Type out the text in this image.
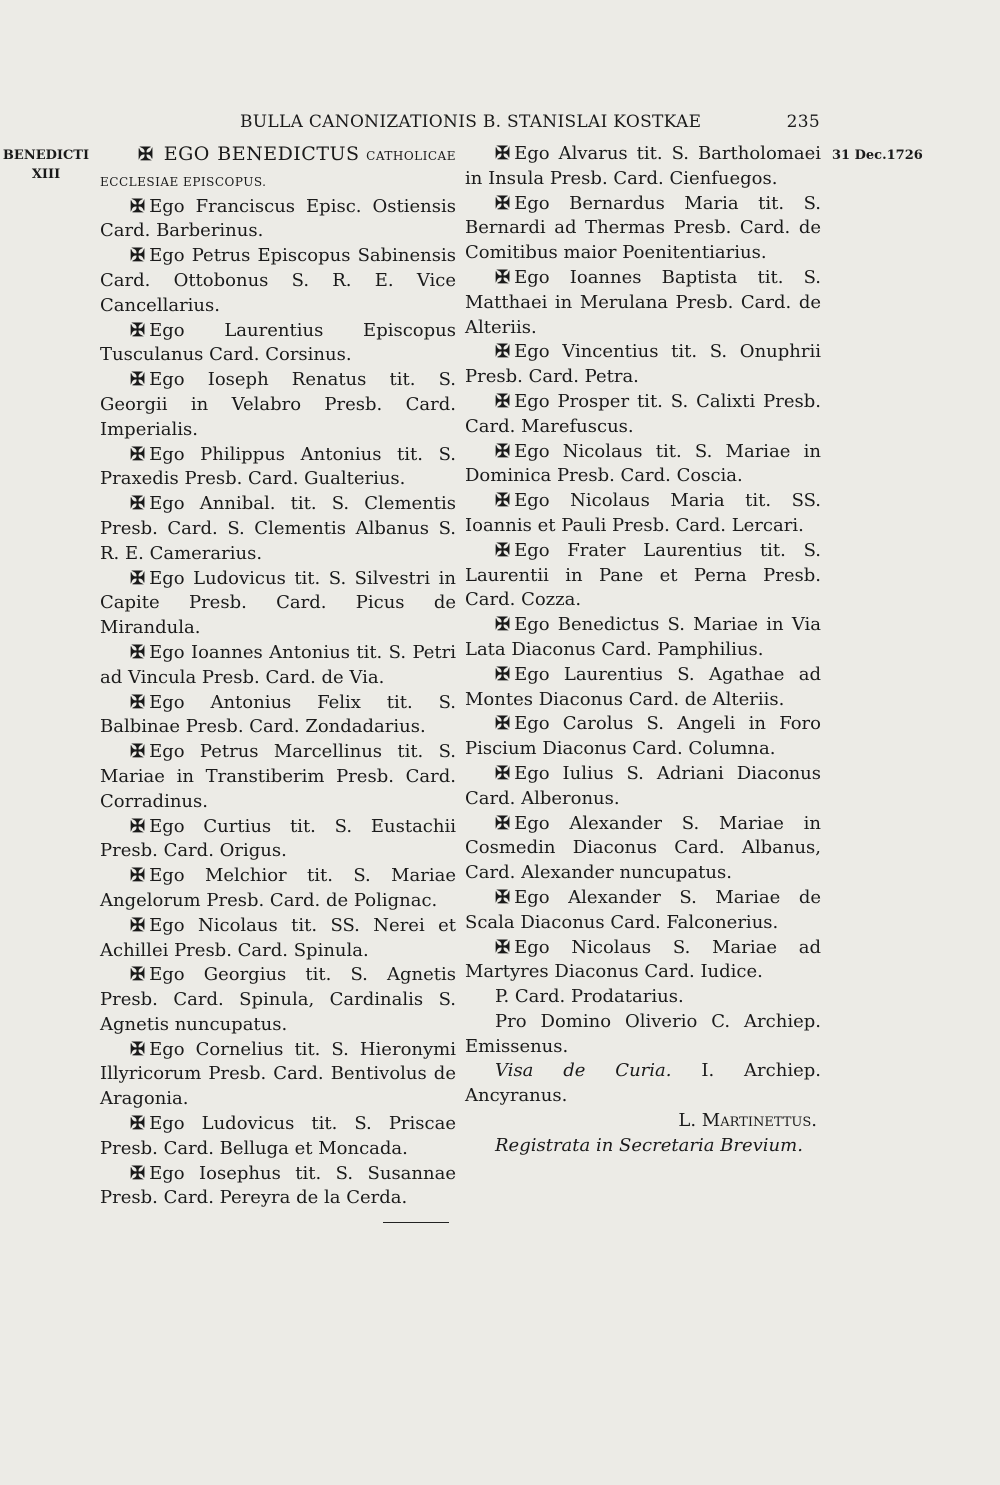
BULLA CANONIZATIONIS B. STANISLAI KOSTKAE	235
BENEDICTI
XIII
31 Dec.1726

✠ EGO BENEDICTUS CATHOLICAE ECCLESIAE EPISCOPUS.

✠ Ego Franciscus Episc. Ostiensis Card. Barberinus.

✠ Ego Petrus Episcopus Sabinensis Card. Ottobonus S. R. E. Vice Cancellarius.

✠ Ego Laurentius Episcopus Tusculanus Card. Corsinus.

✠ Ego Ioseph Renatus tit. S. Georgii in Velabro Presb. Card. Imperialis.

✠ Ego Philippus Antonius tit. S. Praxedis Presb. Card. Gualterius.

✠ Ego Annibal. tit. S. Clementis Presb. Card. S. Clementis Albanus S. R. E. Camerarius.

✠ Ego Ludovicus tit. S. Silvestri in Capite Presb. Card. Picus de Mirandula.

✠ Ego Ioannes Antonius tit. S. Petri ad Vincula Presb. Card. de Via.

✠ Ego Antonius Felix tit. S. Balbinae Presb. Card. Zondadarius.

✠ Ego Petrus Marcellinus tit. S. Mariae in Transtiberim Presb. Card. Corradinus.

✠ Ego Curtius tit. S. Eustachii Presb. Card. Origus.

✠ Ego Melchior tit. S. Mariae Angelorum Presb. Card. de Polignac.

✠ Ego Nicolaus tit. SS. Nerei et Achillei Presb. Card. Spinula.

✠ Ego Georgius tit. S. Agnetis Presb. Card. Spinula, Cardinalis S. Agnetis nuncupatus.

✠ Ego Cornelius tit. S. Hieronymi Illyricorum Presb. Card. Bentivolus de Aragonia.

✠ Ego Ludovicus tit. S. Priscae Presb. Card. Belluga et Moncada.

✠ Ego Iosephus tit. S. Susannae Presb. Card. Pereyra de la Cerda.

✠ Ego Alvarus tit. S. Bartholomaei in Insula Presb. Card. Cienfuegos.

✠ Ego Bernardus Maria tit. S. Bernardi ad Thermas Presb. Card. de Comitibus maior Poenitentiarius.

✠ Ego Ioannes Baptista tit. S. Matthaei in Merulana Presb. Card. de Alteriis.

✠ Ego Vincentius tit. S. Onuphrii Presb. Card. Petra.

✠ Ego Prosper tit. S. Calixti Presb. Card. Marefuscus.

✠ Ego Nicolaus tit. S. Mariae in Dominica Presb. Card. Coscia.

✠ Ego Nicolaus Maria tit. SS. Ioannis et Pauli Presb. Card. Lercari.

✠ Ego Frater Laurentius tit. S. Laurentii in Pane et Perna Presb. Card. Cozza.

✠ Ego Benedictus S. Mariae in Via Lata Diaconus Card. Pamphilius.

✠ Ego Laurentius S. Agathae ad Montes Diaconus Card. de Alteriis.

✠ Ego Carolus S. Angeli in Foro Piscium Diaconus Card. Columna.

✠ Ego Iulius S. Adriani Diaconus Card. Alberonus.

✠ Ego Alexander S. Mariae in Cosmedin Diaconus Card. Albanus, Card. Alexander nuncupatus.

✠ Ego Alexander S. Mariae de Scala Diaconus Card. Falconerius.

✠ Ego Nicolaus S. Mariae ad Martyres Diaconus Card. Iudice.

P. Card. Prodatarius.

Pro Domino Oliverio C. Archiep. Emissenus.

Visa de Curia. I. Archiep. Ancyranus.

L. Martinettus.

Registrata in Secretaria Brevium.
